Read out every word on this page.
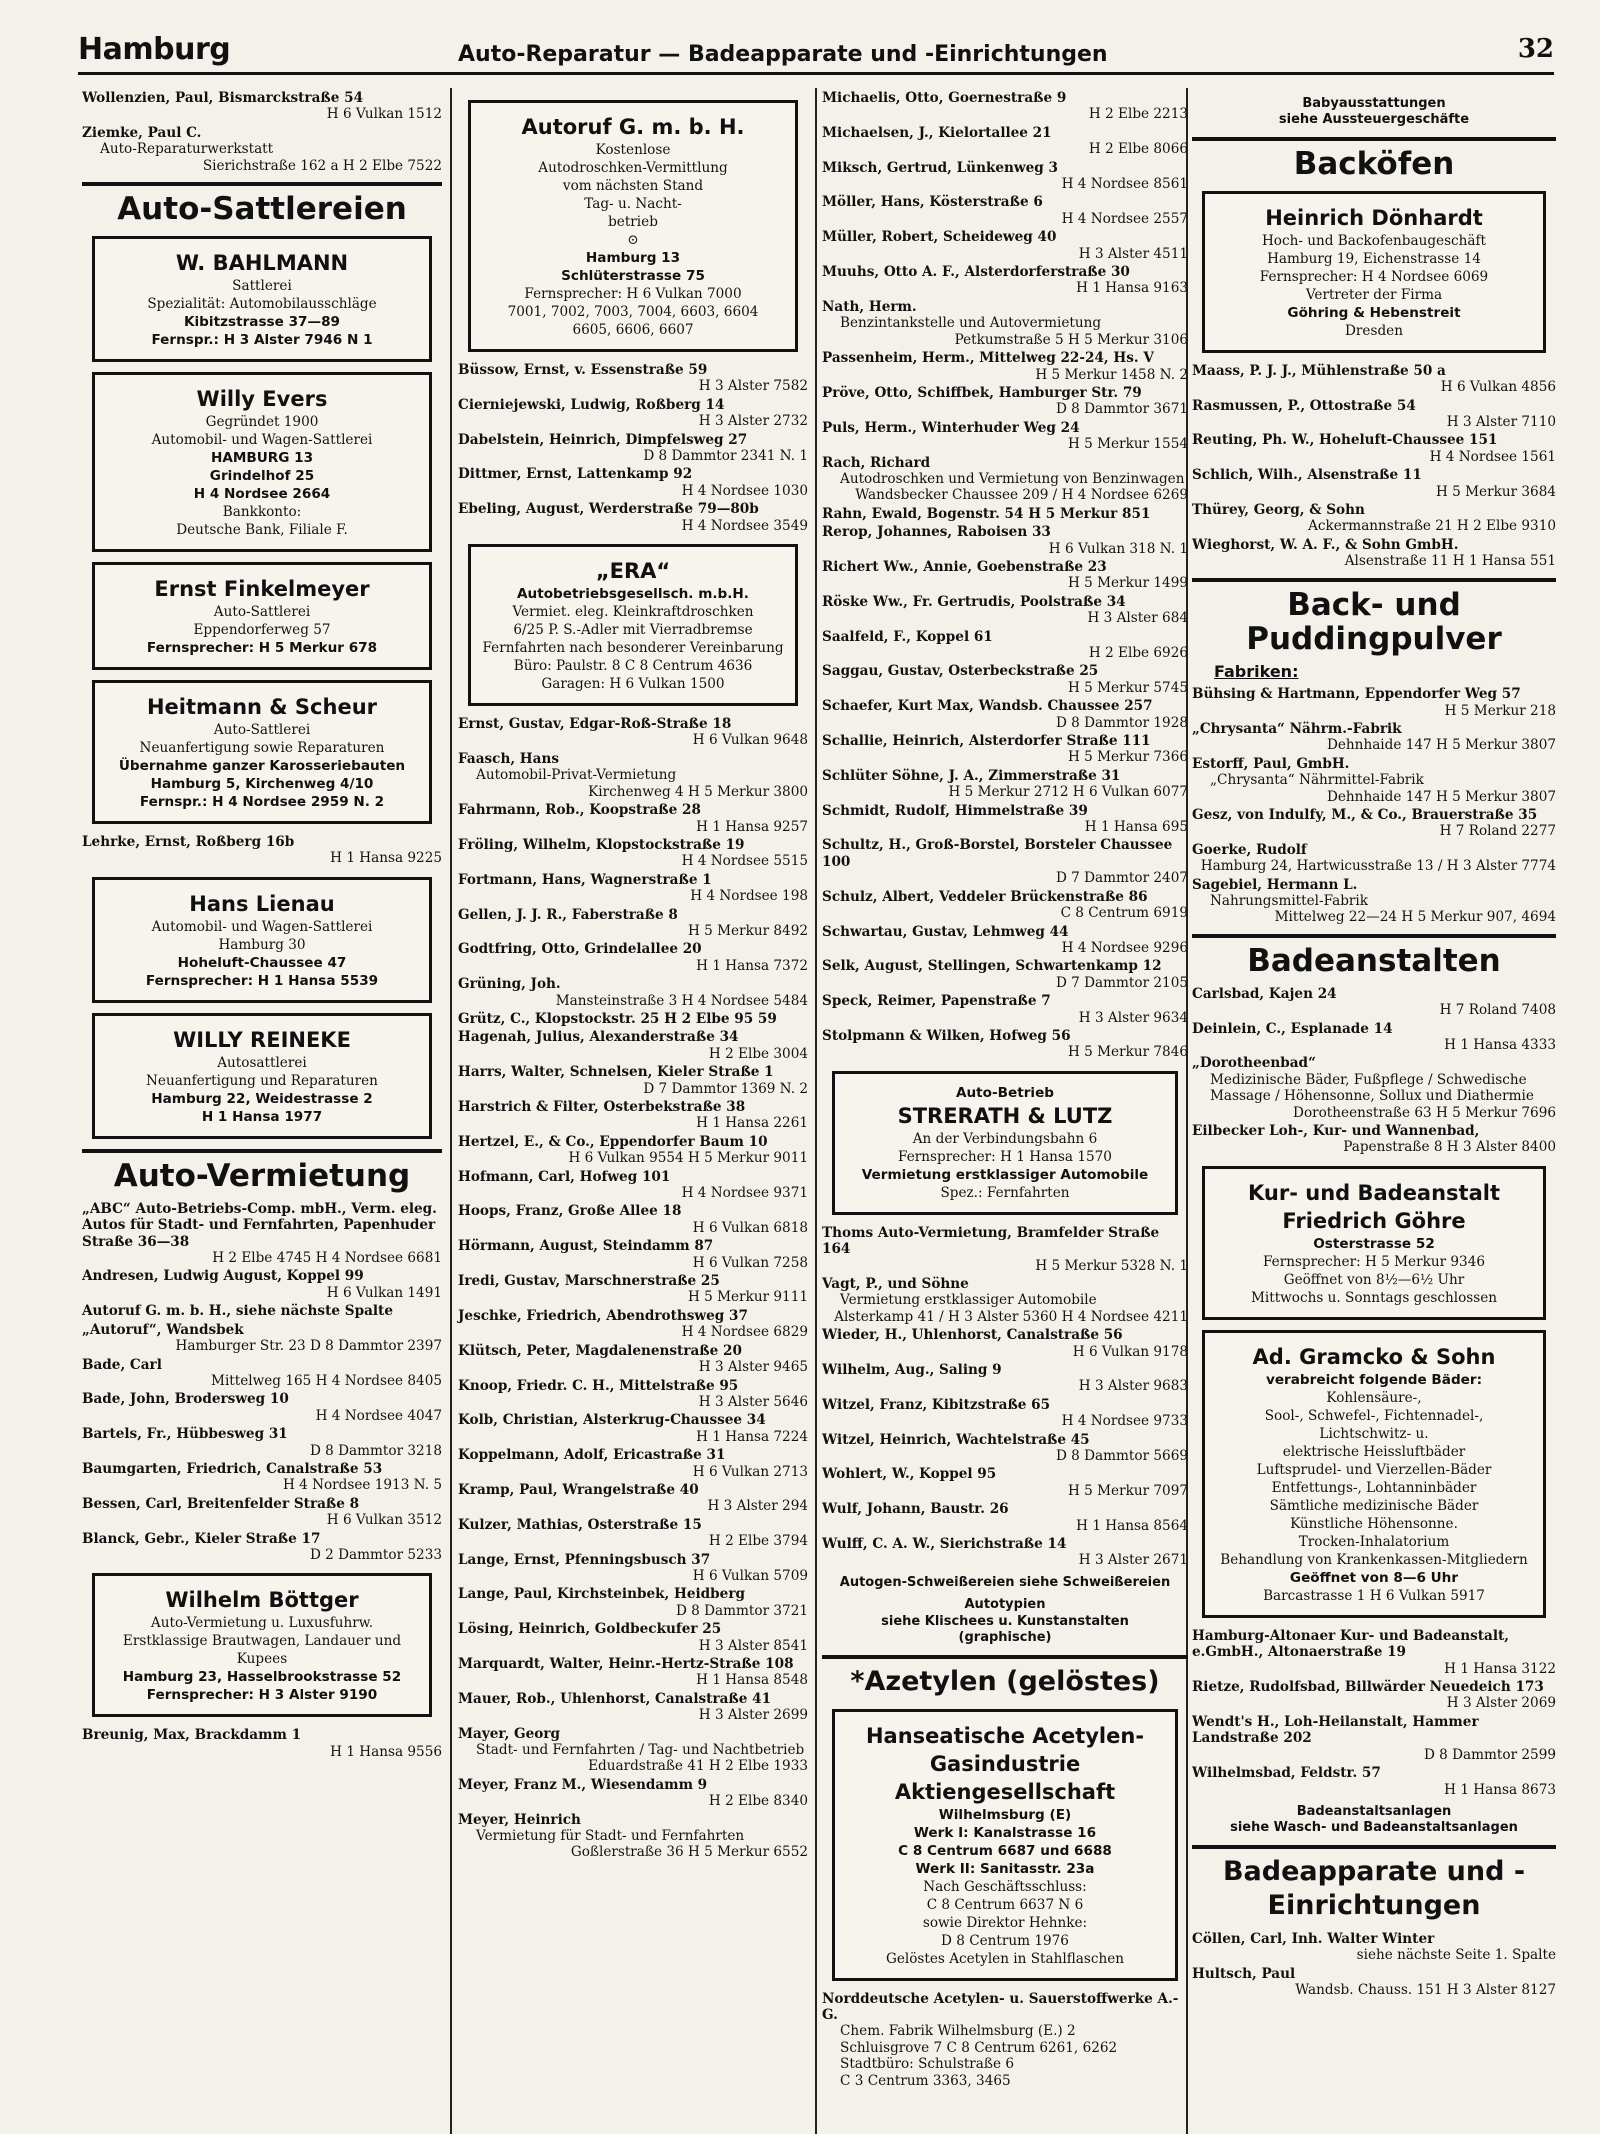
Hamburg	Auto-Reparatur — Badeapparate und -Einrichtungen	32
Wollenzien, Paul, Bismarckstraße 54
H 6 Vulkan 1512
Ziemke, Paul C.
Auto-Reparaturwerkstatt
Sierichstraße 162 a H 2 Elbe 7522
Auto-Sattlereien
W. BAHLMANN
Sattlerei
Spezialität: Automobilausschläge
Kibitzstrasse 37—89
Fernspr.: H 3 Alster 7946 N 1
Willy Evers
Gegründet 1900
Automobil- und Wagen-Sattlerei
HAMBURG 13
Grindelhof 25
H 4 Nordsee 2664
Bankkonto:
Deutsche Bank, Filiale F.
Ernst Finkelmeyer
Auto-Sattlerei
Eppendorferweg 57
Fernsprecher: H 5 Merkur 678
Heitmann & Scheur
Auto-Sattlerei
Neuanfertigung sowie Reparaturen
Übernahme ganzer Karosseriebauten
Hamburg 5, Kirchenweg 4/10
Fernspr.: H 4 Nordsee 2959 N. 2
Lehrke, Ernst, Roßberg 16b
H 1 Hansa 9225
Hans Lienau
Automobil- und Wagen-Sattlerei
Hamburg 30
Hoheluft-Chaussee 47
Fernsprecher: H 1 Hansa 5539
WILLY REINEKE
Autosattlerei
Neuanfertigung und Reparaturen
Hamburg 22, Weidestrasse 2
H 1 Hansa 1977
Auto-Vermietung
„ABC“ Auto-Betriebs-Comp. mbH., Verm. eleg. Autos für Stadt- und Fernfahrten, Papenhuder Straße 36—38
H 2 Elbe 4745 H 4 Nordsee 6681
Andresen, Ludwig August, Koppel 99
H 6 Vulkan 1491
Autoruf G. m. b. H., siehe nächste Spalte
„Autoruf“, Wandsbek
Hamburger Str. 23 D 8 Dammtor 2397
Bade, Carl
Mittelweg 165 H 4 Nordsee 8405
Bade, John, Brodersweg 10
H 4 Nordsee 4047
Bartels, Fr., Hübbesweg 31
D 8 Dammtor 3218
Baumgarten, Friedrich, Canalstraße 53
H 4 Nordsee 1913 N. 5
Bessen, Carl, Breitenfelder Straße 8
H 6 Vulkan 3512
Blanck, Gebr., Kieler Straße 17
D 2 Dammtor 5233
Wilhelm Böttger
Auto-Vermietung u. Luxusfuhrw.
Erstklassige Brautwagen, Landauer und Kupees
Hamburg 23, Hasselbrookstrasse 52
Fernsprecher: H 3 Alster 9190
Breunig, Max, Brackdamm 1
H 1 Hansa 9556
Autoruf G. m. b. H.
Kostenlose
Autodroschken-Vermittlung
vom nächsten Stand
Tag- u. Nacht-
betrieb
⊙
Hamburg 13
Schlüterstrasse 75
Fernsprecher: H 6 Vulkan 7000
7001, 7002, 7003, 7004, 6603, 6604
6605, 6606, 6607
Büssow, Ernst, v. Essenstraße 59
H 3 Alster 7582
Cierniejewski, Ludwig, Roßberg 14
H 3 Alster 2732
Dabelstein, Heinrich, Dimpfelsweg 27
D 8 Dammtor 2341 N. 1
Dittmer, Ernst, Lattenkamp 92
H 4 Nordsee 1030
Ebeling, August, Werderstraße 79—80b
H 4 Nordsee 3549
„ERA“
Autobetriebsgesellsch. m.b.H.
Vermiet. eleg. Kleinkraftdroschken
6/25 P. S.-Adler mit Vierradbremse
Fernfahrten nach besonderer Vereinbarung
Büro: Paulstr. 8 C 8 Centrum 4636
Garagen: H 6 Vulkan 1500
Ernst, Gustav, Edgar-Roß-Straße 18
H 6 Vulkan 9648
Faasch, Hans
Automobil-Privat-Vermietung
Kirchenweg 4 H 5 Merkur 3800
Fahrmann, Rob., Koopstraße 28
H 1 Hansa 9257
Fröling, Wilhelm, Klopstockstraße 19
H 4 Nordsee 5515
Fortmann, Hans, Wagnerstraße 1
H 4 Nordsee 198
Gellen, J. J. R., Faberstraße 8
H 5 Merkur 8492
Godtfring, Otto, Grindelallee 20
H 1 Hansa 7372
Grüning, Joh.
Mansteinstraße 3 H 4 Nordsee 5484
Grütz, C., Klopstockstr. 25 H 2 Elbe 95 59
Hagenah, Julius, Alexanderstraße 34
H 2 Elbe 3004
Harrs, Walter, Schnelsen, Kieler Straße 1
D 7 Dammtor 1369 N. 2
Harstrich & Filter, Osterbekstraße 38
H 1 Hansa 2261
Hertzel, E., & Co., Eppendorfer Baum 10
H 6 Vulkan 9554 H 5 Merkur 9011
Hofmann, Carl, Hofweg 101
H 4 Nordsee 9371
Hoops, Franz, Große Allee 18
H 6 Vulkan 6818
Hörmann, August, Steindamm 87
H 6 Vulkan 7258
Iredi, Gustav, Marschnerstraße 25
H 5 Merkur 9111
Jeschke, Friedrich, Abendrothsweg 37
H 4 Nordsee 6829
Klütsch, Peter, Magdalenenstraße 20
H 3 Alster 9465
Knoop, Friedr. C. H., Mittelstraße 95
H 3 Alster 5646
Kolb, Christian, Alsterkrug-Chaussee 34
H 1 Hansa 7224
Koppelmann, Adolf, Ericastraße 31
H 6 Vulkan 2713
Kramp, Paul, Wrangelstraße 40
H 3 Alster 294
Kulzer, Mathias, Osterstraße 15
H 2 Elbe 3794
Lange, Ernst, Pfenningsbusch 37
H 6 Vulkan 5709
Lange, Paul, Kirchsteinbek, Heidberg
D 8 Dammtor 3721
Lösing, Heinrich, Goldbeckufer 25
H 3 Alster 8541
Marquardt, Walter, Heinr.-Hertz-Straße 108
H 1 Hansa 8548
Mauer, Rob., Uhlenhorst, Canalstraße 41
H 3 Alster 2699
Mayer, Georg
Stadt- und Fernfahrten / Tag- und Nachtbetrieb
Eduardstraße 41 H 2 Elbe 1933
Meyer, Franz M., Wiesendamm 9
H 2 Elbe 8340
Meyer, Heinrich
Vermietung für Stadt- und Fernfahrten
Goßlerstraße 36 H 5 Merkur 6552
Michaelis, Otto, Goernestraße 9
H 2 Elbe 2213
Michaelsen, J., Kielortallee 21
H 2 Elbe 8066
Miksch, Gertrud, Lünkenweg 3
H 4 Nordsee 8561
Möller, Hans, Kösterstraße 6
H 4 Nordsee 2557
Müller, Robert, Scheideweg 40
H 3 Alster 4511
Muuhs, Otto A. F., Alsterdorferstraße 30
H 1 Hansa 9163
Nath, Herm.
Benzintankstelle und Autovermietung
Petkumstraße 5 H 5 Merkur 3106
Passenheim, Herm., Mittelweg 22-24, Hs. V
H 5 Merkur 1458 N. 2
Pröve, Otto, Schiffbek, Hamburger Str. 79
D 8 Dammtor 3671
Puls, Herm., Winterhuder Weg 24
H 5 Merkur 1554
Rach, Richard
Autodroschken und Vermietung von Benzinwagen
Wandsbecker Chaussee 209 / H 4 Nordsee 6269
Rahn, Ewald, Bogenstr. 54 H 5 Merkur 851
Rerop, Johannes, Raboisen 33
H 6 Vulkan 318 N. 1
Richert Ww., Annie, Goebenstraße 23
H 5 Merkur 1499
Röske Ww., Fr. Gertrudis, Poolstraße 34
H 3 Alster 684
Saalfeld, F., Koppel 61
H 2 Elbe 6926
Saggau, Gustav, Osterbeckstraße 25
H 5 Merkur 5745
Schaefer, Kurt Max, Wandsb. Chaussee 257
D 8 Dammtor 1928
Schallie, Heinrich, Alsterdorfer Straße 111
H 5 Merkur 7366
Schlüter Söhne, J. A., Zimmerstraße 31
H 5 Merkur 2712 H 6 Vulkan 6077
Schmidt, Rudolf, Himmelstraße 39
H 1 Hansa 695
Schultz, H., Groß-Borstel, Borsteler Chaussee 100
D 7 Dammtor 2407
Schulz, Albert, Veddeler Brückenstraße 86
C 8 Centrum 6919
Schwartau, Gustav, Lehmweg 44
H 4 Nordsee 9296
Selk, August, Stellingen, Schwartenkamp 12
D 7 Dammtor 2105
Speck, Reimer, Papenstraße 7
H 3 Alster 9634
Stolpmann & Wilken, Hofweg 56
H 5 Merkur 7846
Auto-Betrieb
STRERATH & LUTZ
An der Verbindungsbahn 6
Fernsprecher: H 1 Hansa 1570
Vermietung erstklassiger Automobile
Spez.: Fernfahrten
Thoms Auto-Vermietung, Bramfelder Straße 164
H 5 Merkur 5328 N. 1
Vagt, P., und Söhne
Vermietung erstklassiger Automobile
Alsterkamp 41 / H 3 Alster 5360 H 4 Nordsee 4211
Wieder, H., Uhlenhorst, Canalstraße 56
H 6 Vulkan 9178
Wilhelm, Aug., Saling 9
H 3 Alster 9683
Witzel, Franz, Kibitzstraße 65
H 4 Nordsee 9733
Witzel, Heinrich, Wachtelstraße 45
D 8 Dammtor 5669
Wohlert, W., Koppel 95
H 5 Merkur 7097
Wulf, Johann, Baustr. 26
H 1 Hansa 8564
Wulff, C. A. W., Sierichstraße 14
H 3 Alster 2671
Autogen-Schweißereien siehe Schweißereien
Autotypien
siehe Klischees u. Kunstanstalten
(graphische)
*Azetylen (gelöstes)
Hanseatische Acetylen-Gasindustrie Aktiengesellschaft
Wilhelmsburg (E)
Werk I: Kanalstrasse 16
C 8 Centrum 6687 und 6688
Werk II: Sanitasstr. 23a
Nach Geschäftsschluss:
C 8 Centrum 6637 N 6
sowie Direktor Hehnke:
D 8 Centrum 1976
Gelöstes Acetylen in Stahlflaschen
Norddeutsche Acetylen- u. Sauerstoffwerke A.-G.
Chem. Fabrik Wilhelmsburg (E.) 2
Schluisgrove 7 C 8 Centrum 6261, 6262
Stadtbüro: Schulstraße 6
C 3 Centrum 3363, 3465
Babyausstattungen
siehe Aussteuergeschäfte
Backöfen
Heinrich Dönhardt
Hoch- und Backofenbaugeschäft
Hamburg 19, Eichenstrasse 14
Fernsprecher: H 4 Nordsee 6069
Vertreter der Firma
Göhring & Hebenstreit
Dresden
Maass, P. J. J., Mühlenstraße 50 a
H 6 Vulkan 4856
Rasmussen, P., Ottostraße 54
H 3 Alster 7110
Reuting, Ph. W., Hoheluft-Chaussee 151
H 4 Nordsee 1561
Schlich, Wilh., Alsenstraße 11
H 5 Merkur 3684
Thürey, Georg, & Sohn
Ackermannstraße 21 H 2 Elbe 9310
Wieghorst, W. A. F., & Sohn GmbH.
Alsenstraße 11 H 1 Hansa 551
Back- und Puddingpulver
Fabriken:
Bühsing & Hartmann, Eppendorfer Weg 57
H 5 Merkur 218
„Chrysanta“ Nährm.-Fabrik
Dehnhaide 147 H 5 Merkur 3807
Estorff, Paul, GmbH.
„Chrysanta“ Nährmittel-Fabrik
Dehnhaide 147 H 5 Merkur 3807
Gesz, von Indulfy, M., & Co., Brauerstraße 35
H 7 Roland 2277
Goerke, Rudolf
Hamburg 24, Hartwicusstraße 13 / H 3 Alster 7774
Sagebiel, Hermann L.
Nahrungsmittel-Fabrik
Mittelweg 22—24 H 5 Merkur 907, 4694
Badeanstalten
Carlsbad, Kajen 24
H 7 Roland 7408
Deinlein, C., Esplanade 14
H 1 Hansa 4333
„Dorotheenbad“
Medizinische Bäder, Fußpflege / Schwedische Massage / Höhensonne, Sollux und Diathermie
Dorotheenstraße 63 H 5 Merkur 7696
Eilbecker Loh-, Kur- und Wannenbad,
Papenstraße 8 H 3 Alster 8400
Kur- und Badeanstalt Friedrich Göhre
Osterstrasse 52
Fernsprecher: H 5 Merkur 9346
Geöffnet von 8½—6½ Uhr
Mittwochs u. Sonntags geschlossen
Ad. Gramcko & Sohn
verabreicht folgende Bäder:
Kohlensäure-,
Sool-, Schwefel-, Fichtennadel-,
Lichtschwitz- u.
elektrische Heissluftbäder
Luftsprudel- und Vierzellen-Bäder
Entfettungs-, Lohtanninbäder
Sämtliche medizinische Bäder
Künstliche Höhensonne.
Trocken-Inhalatorium
Behandlung von Krankenkassen-Mitgliedern
Geöffnet von 8—6 Uhr
Barcastrasse 1 H 6 Vulkan 5917
Hamburg-Altonaer Kur- und Badeanstalt, e.GmbH., Altonaerstraße 19
H 1 Hansa 3122
Rietze, Rudolfsbad, Billwärder Neuedeich 173
H 3 Alster 2069
Wendt's H., Loh-Heilanstalt, Hammer Landstraße 202
D 8 Dammtor 2599
Wilhelmsbad, Feldstr. 57
H 1 Hansa 8673
Badeanstaltsanlagen
siehe Wasch- und Badeanstaltsanlagen
Badeapparate und -Einrichtungen
Cöllen, Carl, Inh. Walter Winter
siehe nächste Seite 1. Spalte
Hultsch, Paul
Wandsb. Chauss. 151 H 3 Alster 8127
